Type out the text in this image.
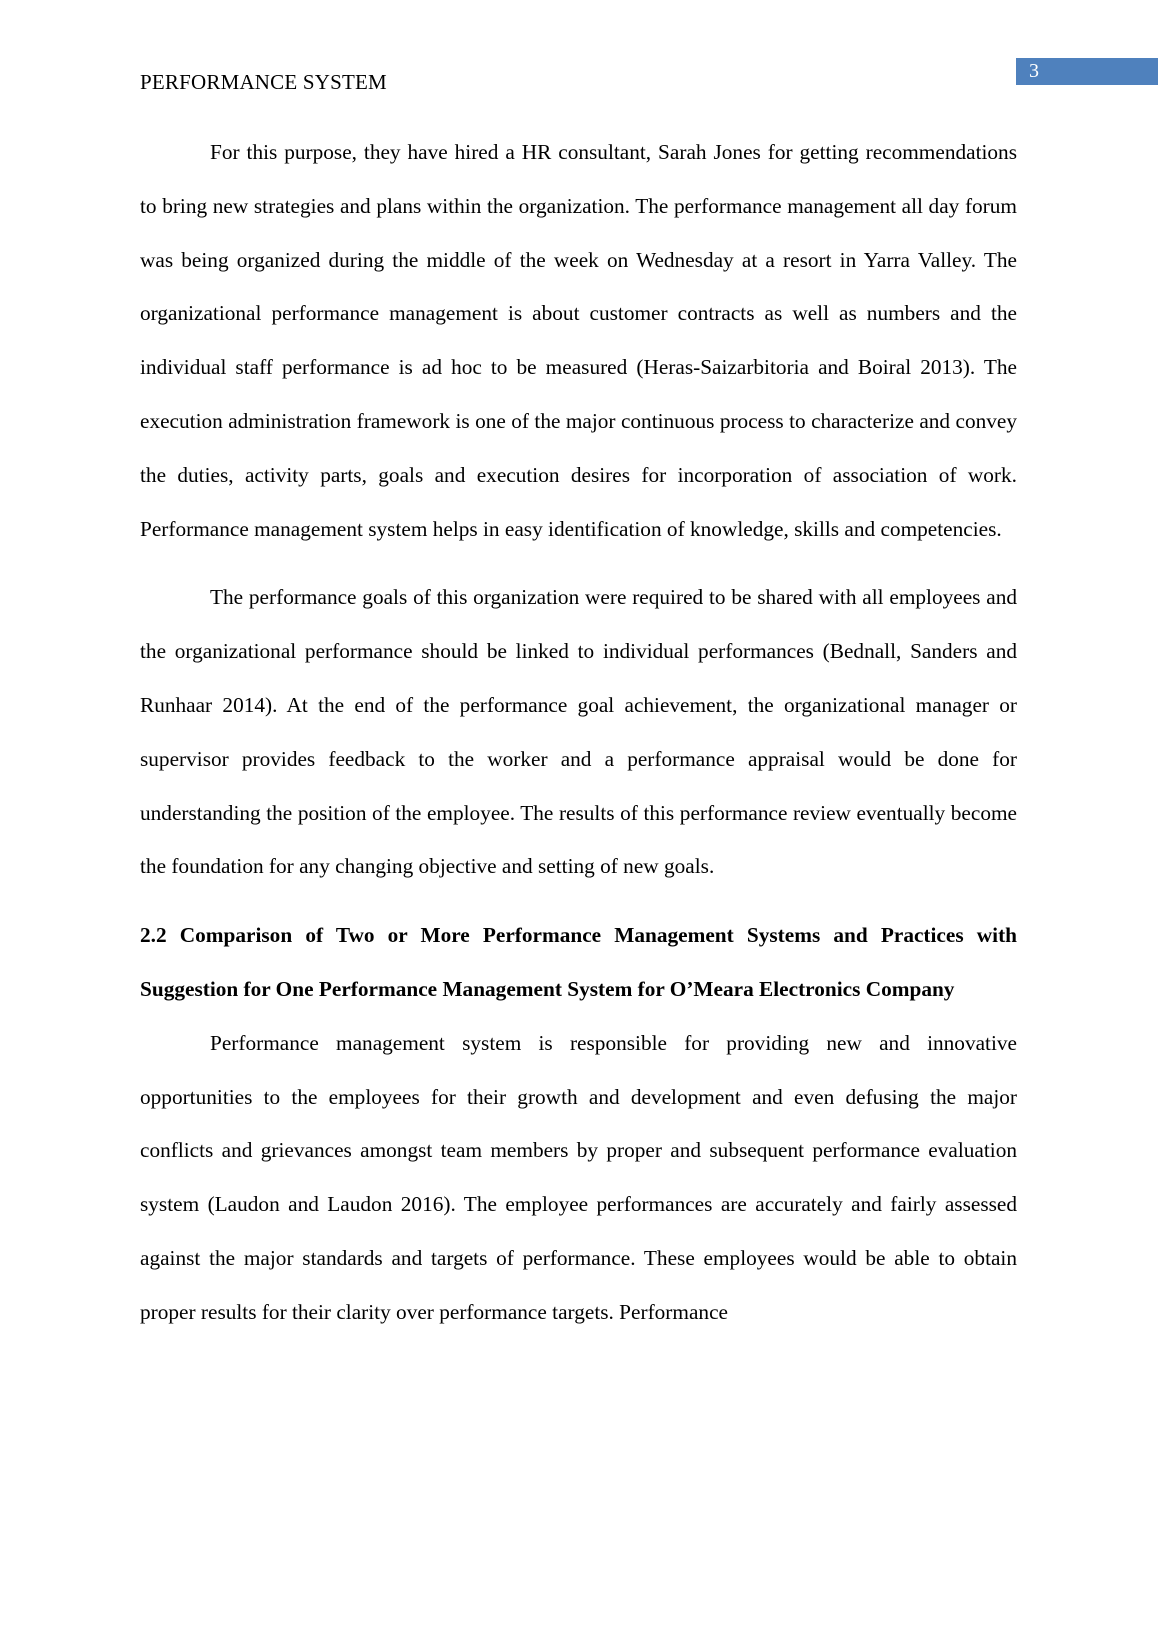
3
PERFORMANCE SYSTEM

For this purpose, they have hired a HR consultant, Sarah Jones for getting recommendations to bring new strategies and plans within the organization. The performance management all day forum was being organized during the middle of the week on Wednesday at a resort in Yarra Valley. The organizational performance management is about customer contracts as well as numbers and the individual staff performance is ad hoc to be measured (Heras-Saizarbitoria and Boiral 2013). The execution administration framework is one of the major continuous process to characterize and convey the duties, activity parts, goals and execution desires for incorporation of association of work. Performance management system helps in easy identification of knowledge, skills and competencies.

The performance goals of this organization were required to be shared with all employees and the organizational performance should be linked to individual performances (Bednall, Sanders and Runhaar 2014). At the end of the performance goal achievement, the organizational manager or supervisor provides feedback to the worker and a performance appraisal would be done for understanding the position of the employee. The results of this performance review eventually become the foundation for any changing objective and setting of new goals.

2.2 Comparison of Two or More Performance Management Systems and Practices with Suggestion for One Performance Management System for O’Meara Electronics Company

Performance management system is responsible for providing new and innovative opportunities to the employees for their growth and development and even defusing the major conflicts and grievances amongst team members by proper and subsequent performance evaluation system (Laudon and Laudon 2016). The employee performances are accurately and fairly assessed against the major standards and targets of performance. These employees would be able to obtain proper results for their clarity over performance targets. Performance
